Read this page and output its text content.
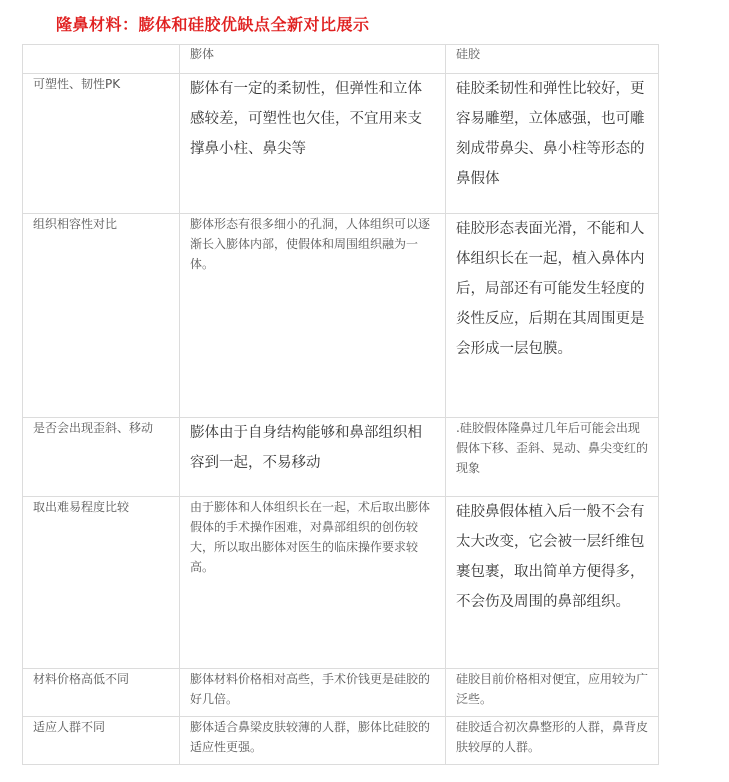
隆鼻材料：膨体和硅胶优缺点全新对比展示
	膨体	硅胶
可塑性、韧性PK	膨体有一定的柔韧性，但弹性和立体感较差，可塑性也欠佳，不宜用来支撑鼻小柱、鼻尖等	硅胶柔韧性和弹性比较好，更容易雕塑，立体感强，也可雕刻成带鼻尖、鼻小柱等形态的鼻假体
组织相容性对比	膨体形态有很多细小的孔洞，人体组织可以逐渐长入膨体内部，使假体和周围组织融为一体。	硅胶形态表面光滑，不能和人体组织长在一起，植入鼻体内后，局部还有可能发生轻度的炎性反应，后期在其周围更是会形成一层包膜。
是否会出现歪斜、移动	膨体由于自身结构能够和鼻部组织相容到一起，不易移动	.硅胶假体隆鼻过几年后可能会出现假体下移、歪斜、晃动、鼻尖变红的现象
取出难易程度比较	由于膨体和人体组织长在一起，术后取出膨体假体的手术操作困难，对鼻部组织的创伤较大，所以取出膨体对医生的临床操作要求较高。	硅胶鼻假体植入后一般不会有太大改变，它会被一层纤维包裹包裹，取出简单方便得多，不会伤及周围的鼻部组织。
材料价格高低不同	膨体材料价格相对高些，手术价钱更是硅胶的好几倍。	硅胶目前价格相对便宜，应用较为广泛些。
适应人群不同	膨体适合鼻梁皮肤较薄的人群，膨体比硅胶的适应性更强。	硅胶适合初次鼻整形的人群，鼻背皮肤较厚的人群。
